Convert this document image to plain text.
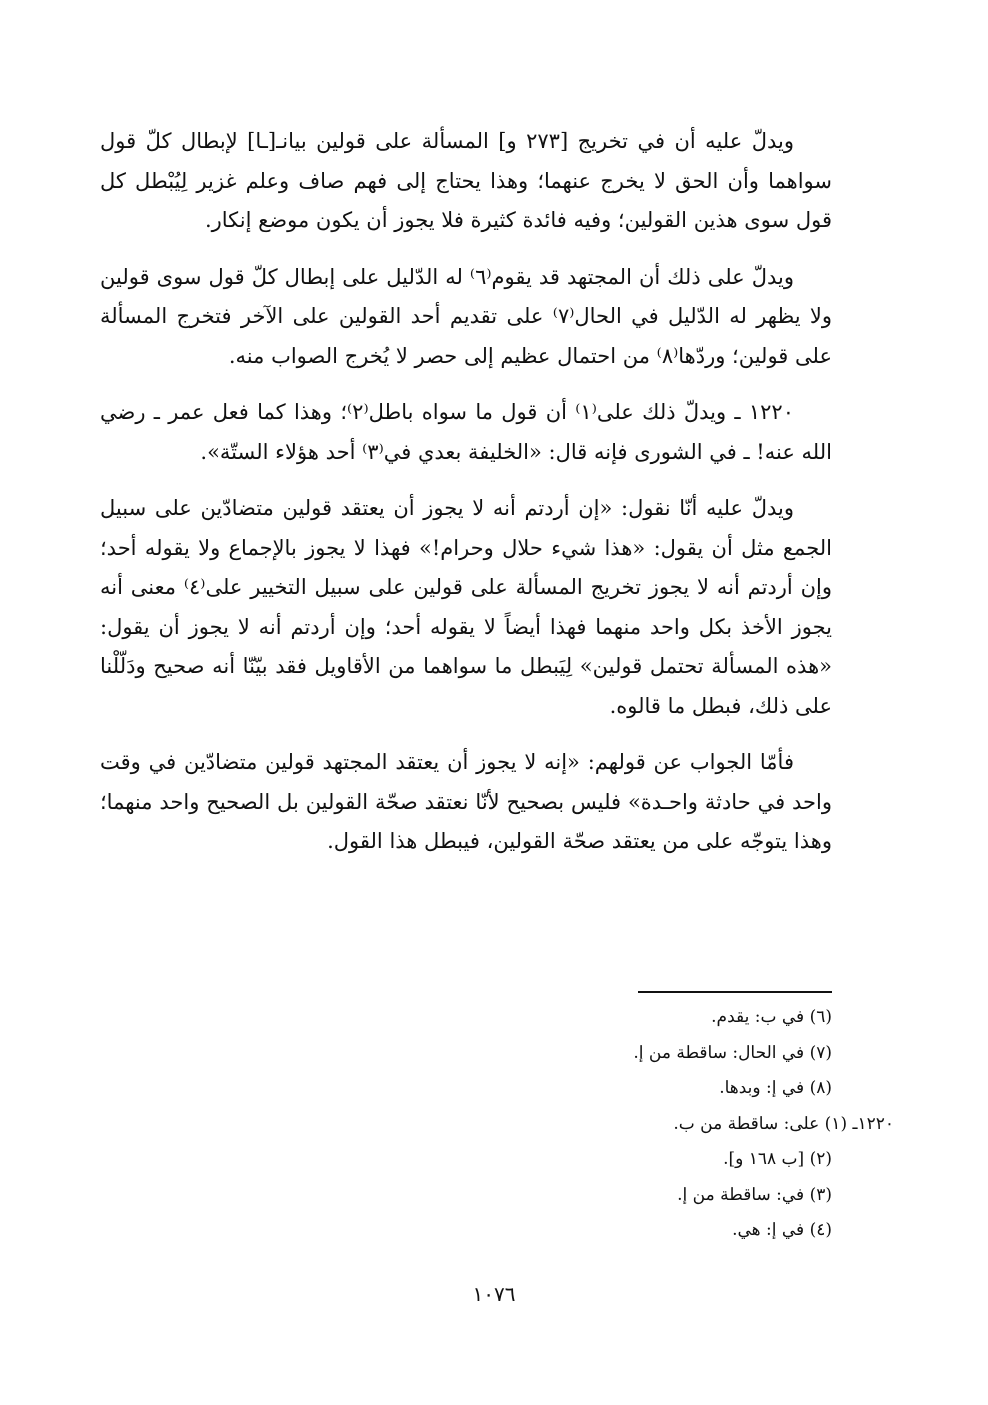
ويدلّ عليه أن في تخريج [٢٧٣ و] المسألة على قولين بيانـ[ـا] لإبطال كلّ قول سواهما وأن الحق لا يخرج عنهما؛ وهذا يحتاج إلى فهم صاف وعلم غزير لِيُبْطل كل قول سوى هذين القولين؛ وفيه فائدة كثيرة فلا يجوز أن يكون موضع إنكار.

ويدلّ على ذلك أن المجتهد قد يقوم⁽٦⁾ له الدّليل على إبطال كلّ قول سوى قولين ولا يظهر له الدّليل في الحال⁽٧⁾ على تقديم أحد القولين على الآخر فتخرج المسألة على قولين؛ وردّها⁽٨⁾ من احتمال عظيم إلى حصر لا يُخرج الصواب منه.

١٢٢٠ ـ ويدلّ ذلك على⁽١⁾ أن قول ما سواه باطل⁽٢⁾؛ وهذا كما فعل عمر ـ رضي الله عنه! ـ في الشورى فإنه قال: «الخليفة بعدي في⁽٣⁾ أحد هؤلاء الستّة».

ويدلّ عليه أنّا نقول: «إن أردتم أنه لا يجوز أن يعتقد قولين متضادّين على سبيل الجمع مثل أن يقول: «هذا شيء حلال وحرام!» فهذا لا يجوز بالإجماع ولا يقوله أحد؛ وإن أردتم أنه لا يجوز تخريج المسألة على قولين على سبيل التخيير على⁽٤⁾ معنى أنه يجوز الأخذ بكل واحد منهما فهذا أيضاً لا يقوله أحد؛ وإن أردتم أنه لا يجوز أن يقول: «هذه المسألة تحتمل قولين» لِيَبطل ما سواهما من الأقاويل فقد بيّنّا أنه صحيح ودَلّلْنا على ذلك، فبطل ما قالوه.

فأمّا الجواب عن قولهم: «إنه لا يجوز أن يعتقد المجتهد قولين متضادّين في وقت واحد في حادثة واحـدة» فليس بصحيح لأنّا نعتقد صحّة القولين بل الصحيح واحد منهما؛ وهذا يتوجّه على من يعتقد صحّة القولين، فيبطل هذا القول.

(٦) في ب: يقدم.

(٧) في الحال: ساقطة من إ.

(٨) في إ: وبدها.

١٢٢٠ـ (١) على: ساقطة من ب.

(٢) [ب ١٦٨ و].

(٣) في: ساقطة من إ.

(٤) في إ: هي.

١٠٧٦
